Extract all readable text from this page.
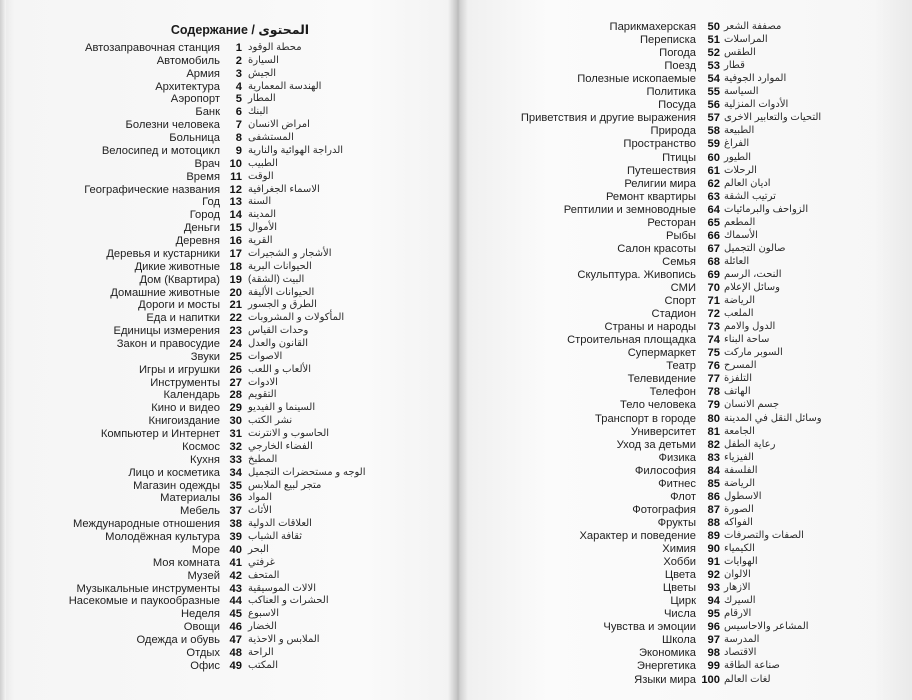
Содержание / المحتوى
Автозаправочная станция	1 محطة الوقود
Автомобиль	2 السيارة
Армия	3 الجيش
Архитектура	4 الهندسة المعمارية
Аэропорт	5 المطار
Банк	6 البنك
Болезни человека	7 امراض الانسان
Больница	8 المستشفى
Велосипед и мотоцикл	9 الدراجة الهوائية والنارية
Врач 10 الطبيب
Время 11 الوقت
Географические названия 12 الاسماء الجغرافية
Год 13 السنة
Город 14 المدينة
Деньги 15 الأموال
Деревня 16 القرية
Деревья и кустарники 17 الأشجار و الشجيرات
Дикие животные 18 الحيوانات البرية
Дом (Квартира) 19 البيت (الشقة)
Домашние животные 20 الحيوانات الأليفة
Дороги и мосты 21 الطرق و الجسور
Еда и напитки 22 المأكولات و المشروبات
Единицы измерения 23 وحدات القياس
Закон и правосудие 24 القانون والعدل
Звуки 25 الاصوات
Игры и игрушки 26 الألعاب و اللعب
Инструменты 27 الادوات
Календарь 28 التقويم
Кино и видео 29 السينما و الفيديو
Книгоиздание 30 نشر الكتب
Компьютер и Интернет 31 الحاسوب و الانترنت
Космос 32 الفضاء الخارجي
Кухня 33 المطبخ
Лицо и косметика 34 الوجه و مستحضرات التجميل
Магазин одежды 35 متجر لبيع الملابس
Материалы 36 المواد
Мебель 37 الأثاث
Международные отношения 38 العلاقات الدولية
Молодёжная культура 39 ثقافة الشباب
Море 40 البحر
Моя комната 41 غرفتي
Музей 42 المتحف
Музыкальные инструменты 43 الالات الموسيقية
Насекомые и паукообразные 44 الحشرات و العناكب
Неделя 45 الاسبوع
Овощи 46 الخضار
Одежда и обувь 47 الملابس و الاحذية
Отдых 48 الراحة
Офис 49 المكتب
Парикмахерская	50 مصففة الشعر
Переписка	51 المراسلات
Погода	52 الطقس
Поезд	53 قطار
Полезные ископаемые	54 الموارد الجوفية
Политика	55 السياسة
Посуда	56 الأدوات المنزلية
Приветствия и другие выражения	57 التحيات والتعابير الاخرى
Природа	58 الطبيعة
Пространство	59 الفراغ
Птицы	60 الطيور
Путешествия	61 الرحلات
Религии мира	62 اديان العالم
Ремонт квартиры	63 ترتيب الشقة
Рептилии и земноводные	64 الزواحف والبرمائيات
Ресторан	65 المطعم
Рыбы	66 الأسماك
Салон красоты	67 صالون التجميل
Семья	68 العائلة
Скульптура. Живопись	69 النحت، الرسم
СМИ	70 وسائل الإعلام
Спорт	71 الرياضة
Стадион	72 الملعب
Страны и народы	73 الدول والامم
Строительная площадка	74 ساحة البناء
Супермаркет	75 السوبر ماركت
Театр	76 المسرح
Телевидение	77 التلفزة
Телефон	78 الهاتف
Тело человека	79 جسم الانسان
Транспорт в городе	80 وسائل النقل في المدينة
Университет	81 الجامعة
Уход за детьми	82 رعاية الطفل
Физика	83 الفيزياء
Философия	84 الفلسفة
Фитнес	85 الرياضة
Флот	86 الاسطول
Фотография	87 الصورة
Фрукты	88 الفواكه
Характер и поведение	89 الصفات والتصرفات
Химия	90 الكيمياء
Хобби	91 الهوايات
Цвета	92 الالوان
Цветы	93 الازهار
Цирк	94 السيرك
Числа	95 الارقام
Чувства и эмоции	96 المشاعر والاحاسيس
Школа	97 المدرسة
Экономика	98 الاقتصاد
Энергетика	99 صناعة الطاقة
Языки мира 100 لغات العالم
